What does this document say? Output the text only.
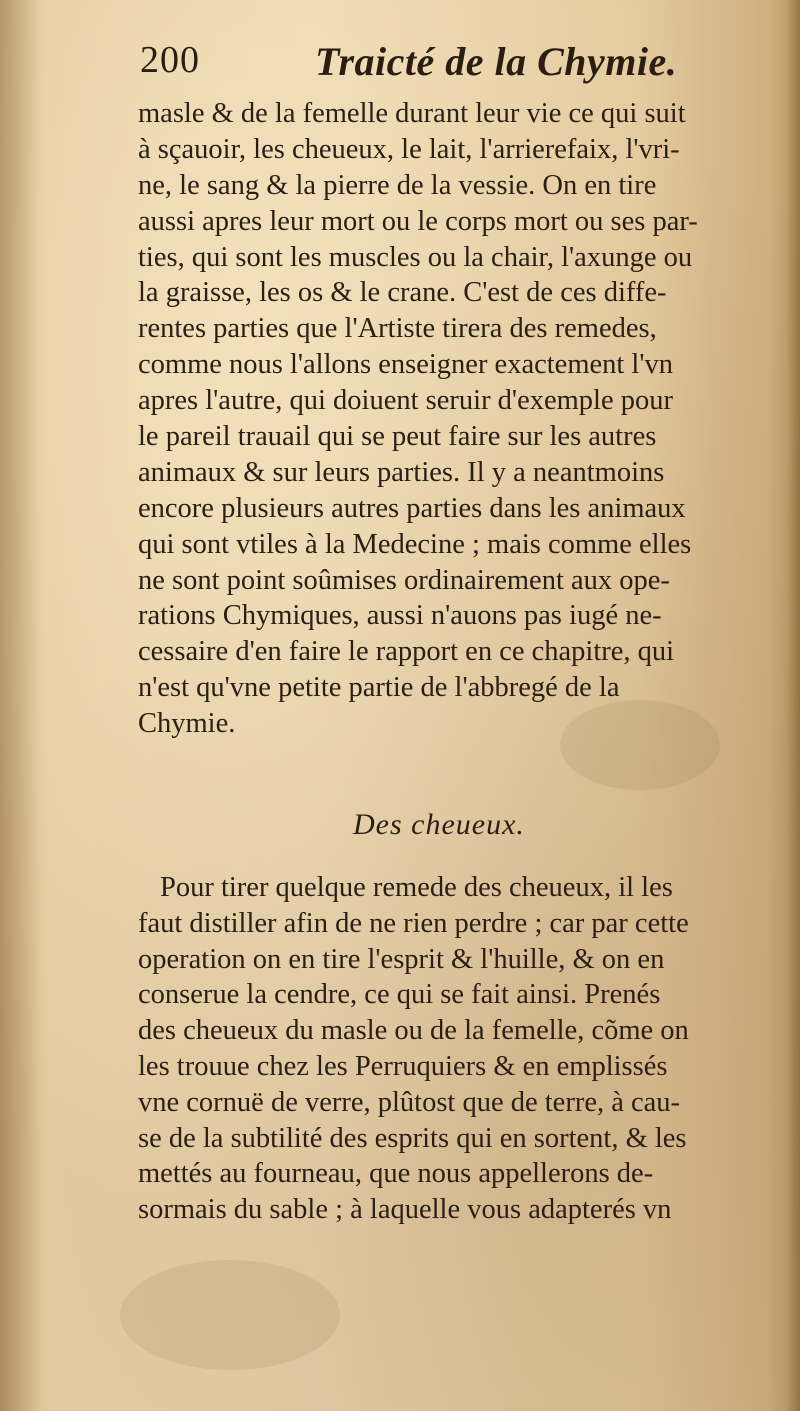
200	Traicté de la Chymie.
masle & de la femelle durant leur vie ce qui suit
à sçauoir, les cheueux, le lait, l'arrierefaix, l'vri-
ne, le sang & la pierre de la vessie. On en tire
aussi apres leur mort ou le corps mort ou ses par-
ties, qui sont les muscles ou la chair, l'axunge ou
la graisse, les os & le crane. C'est de ces diffe-
rentes parties que l'Artiste tirera des remedes,
comme nous l'allons enseigner exactement l'vn
apres l'autre, qui doiuent seruir d'exemple pour
le pareil trauail qui se peut faire sur les autres
animaux & sur leurs parties. Il y a neantmoins
encore plusieurs autres parties dans les animaux
qui sont vtiles à la Medecine ; mais comme elles
ne sont point soûmises ordinairement aux ope-
rations Chymiques, aussi n'auons pas iugé ne-
cessaire d'en faire le rapport en ce chapitre, qui
n'est qu'vne petite partie de l'abbregé de la
Chymie.
Des cheueux.
Pour tirer quelque remede des cheueux, il les
faut distiller afin de ne rien perdre ; car par cette
operation on en tire l'esprit & l'huille, & on en
conserue la cendre, ce qui se fait ainsi. Prenés
des cheueux du masle ou de la femelle, cõme on
les trouue chez les Perruquiers & en emplissés
vne cornuë de verre, plûtost que de terre, à cau-
se de la subtilité des esprits qui en sortent, & les
mettés au fourneau, que nous appellerons de-
sormais du sable ; à laquelle vous adapterés vn
